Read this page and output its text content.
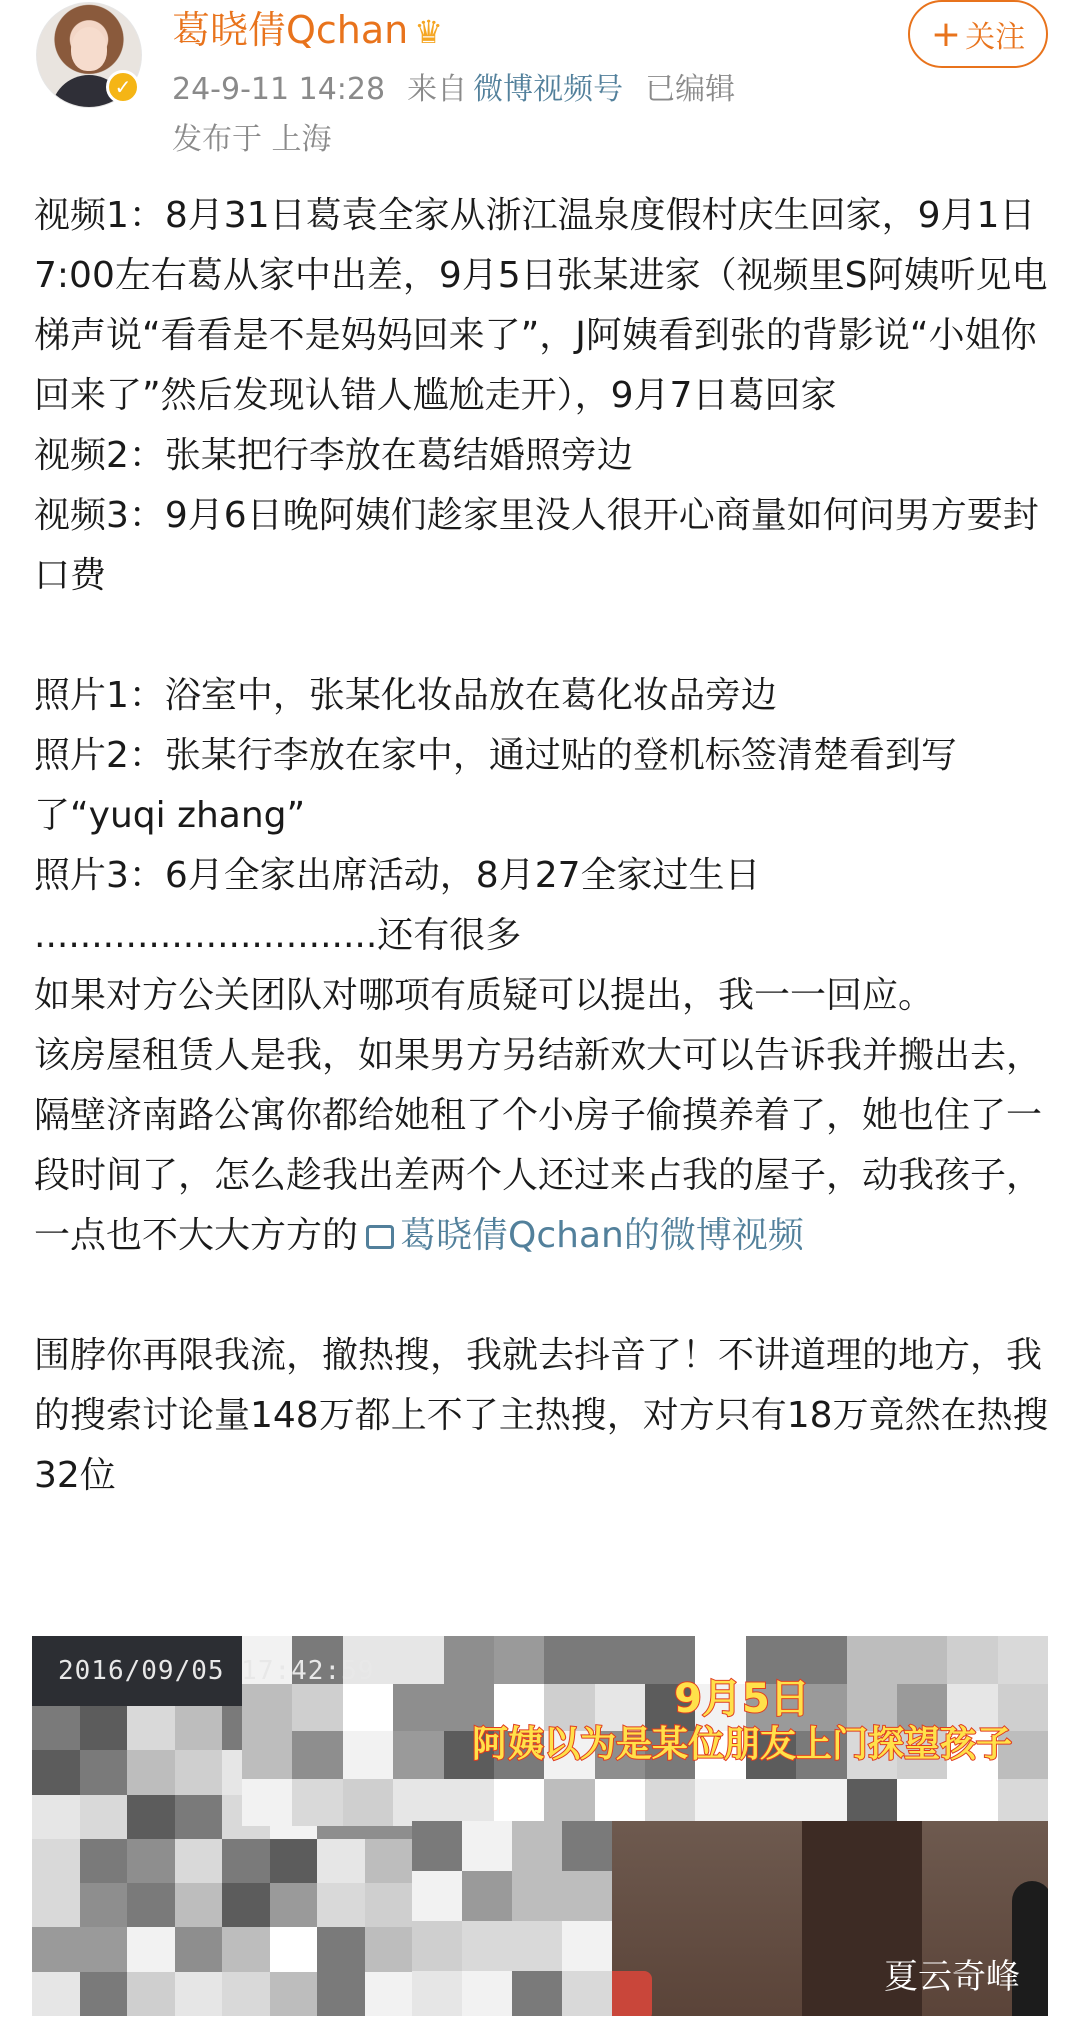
✓
葛晓倩Qchan ♛
24-9-11 14:28 来自 微博视频号 已编辑
发布于 上海
+ 关注

视频1：8月31日葛袁全家从浙江温泉度假村庆生回家，9月1日7:00左右葛从家中出差，9月5日张某进家（视频里S阿姨听见电梯声说“看看是不是妈妈回来了”，J阿姨看到张的背影说“小姐你回来了”然后发现认错人尴尬走开），9月7日葛回家

视频2：张某把行李放在葛结婚照旁边

视频3：9月6日晚阿姨们趁家里没人很开心商量如何问男方要封口费

照片1：浴室中，张某化妆品放在葛化妆品旁边

照片2：张某行李放在家中，通过贴的登机标签清楚看到写了“yuqi zhang”

照片3：6月全家出席活动，8月27全家过生日

..............................还有很多

如果对方公关团队对哪项有质疑可以提出，我一一回应。

该房屋租赁人是我，如果男方另结新欢大可以告诉我并搬出去，隔壁济南路公寓你都给她租了个小房子偷摸养着了，她也住了一段时间了，怎么趁我出差两个人还过来占我的屋子，动我孩子，一点也不大大方方的 葛晓倩Qchan的微博视频

围脖你再限我流，撤热搜，我就去抖音了！不讲道理的地方，我的搜索讨论量148万都上不了主热搜，对方只有18万竟然在热搜32位

2016/09/05 17:42:59
9月5日
阿姨以为是某位朋友上门探望孩子
夏云奇峰
